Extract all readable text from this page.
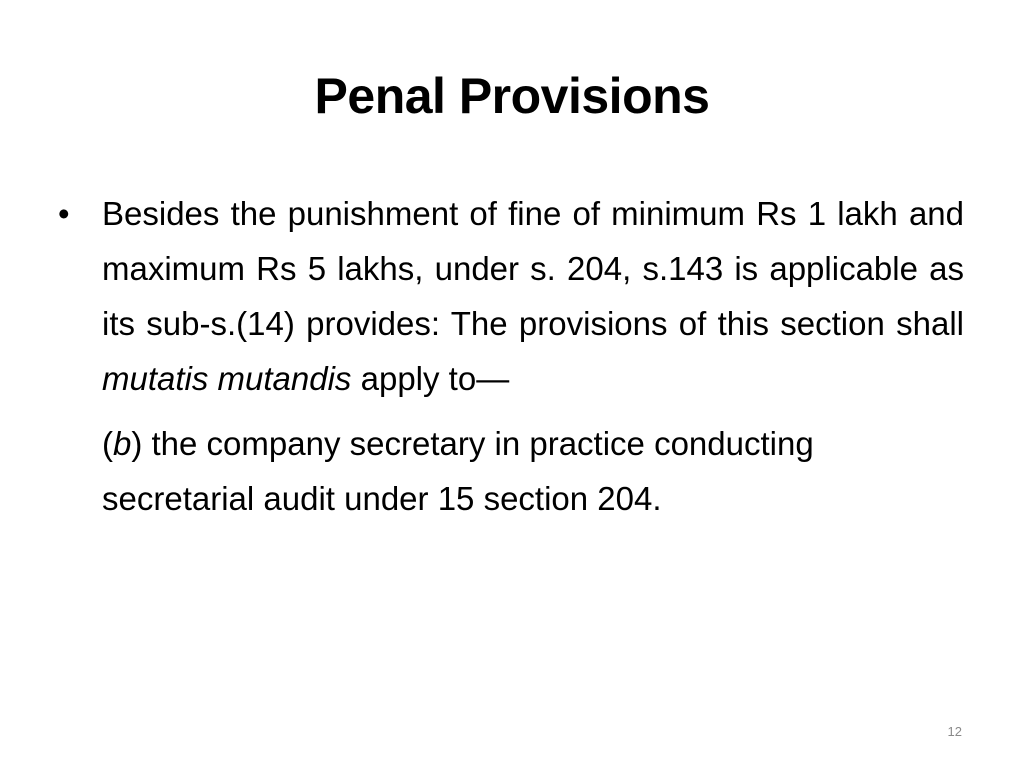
Penal Provisions
• Besides the punishment of fine of minimum Rs 1 lakh and maximum Rs 5 lakhs, under s. 204, s.143 is applicable as its sub-s.(14) provides: The provisions of this section shall mutatis mutandis apply to—
(b) the company secretary in practice conducting secretarial audit under 15 section 204.
12
